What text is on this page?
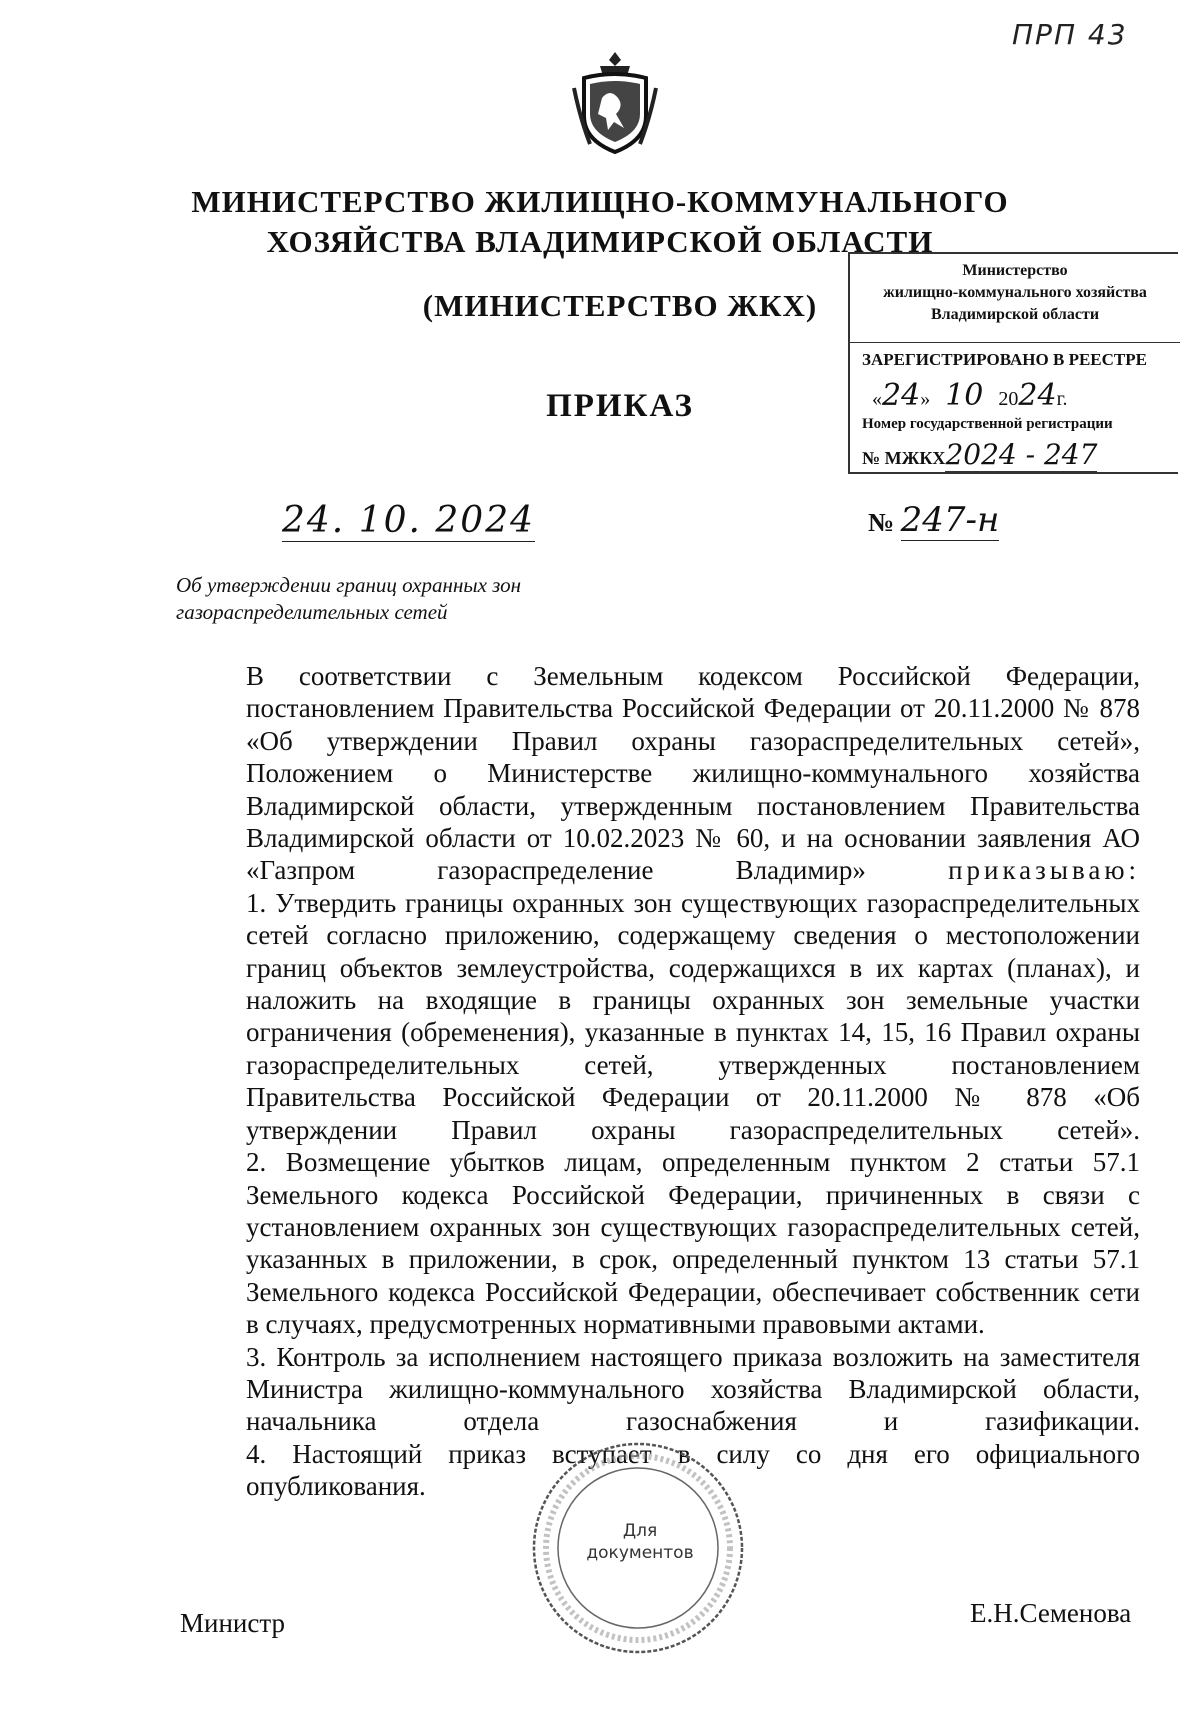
ПРП 43
МИНИСТЕРСТВО ЖИЛИЩНО-КОММУНАЛЬНОГО
ХОЗЯЙСТВА ВЛАДИМИРСКОЙ ОБЛАСТИ
(МИНИСТЕРСТВО ЖКХ)
ПРИКАЗ
Министерство
жилищно-коммунального хозяйства
Владимирской области
ЗАРЕГИСТРИРОВАНО В РЕЕСТРЕ
«24»   10 2024г.
Номер государственной регистрации
№ МЖКХ2024 - 247
24. 10. 2024	№ 247-н
Об утверждении границ охранных зон
газораспределительных сетей

В соответствии с Земельным кодексом Российской Федерации, постановлением Правительства Российской Федерации от 20.11.2000 № 878 «Об утверждении Правил охраны газораспределительных сетей», Положением о Министерстве жилищно-коммунального хозяйства Владимирской области, утвержденным постановлением Правительства Владимирской области от 10.02.2023 № 60, и на основании заявления АО «Газпром газораспределение Владимир»	приказываю:

1. Утвердить границы охранных зон существующих газораспределительных сетей согласно приложению, содержащему сведения о местоположении границ объектов землеустройства, содержащихся в их картах (планах), и наложить на входящие в границы охранных зон земельные участки ограничения (обременения), указанные в пунктах 14, 15, 16 Правил охраны газораспределительных сетей, утвержденных постановлением Правительства Российской Федерации от 20.11.2000 № 878 «Об утверждении Правил охраны газораспределительных сетей».

2. Возмещение убытков лицам, определенным пунктом 2 статьи 57.1 Земельного кодекса Российской Федерации, причиненных в связи с установлением охранных зон существующих газораспределительных сетей, указанных в приложении, в срок, определенный пунктом 13 статьи 57.1 Земельного кодекса Российской Федерации, обеспечивает собственник сети в случаях, предусмотренных нормативными правовыми актами.

3. Контроль за исполнением настоящего приказа возложить на заместителя Министра жилищно-коммунального хозяйства Владимирской области, начальника отдела газоснабжения и газификации.

4. Настоящий приказ вступает в силу со дня его официального опубликования.

Для
документов
Министр	Е.Н.Семенова
